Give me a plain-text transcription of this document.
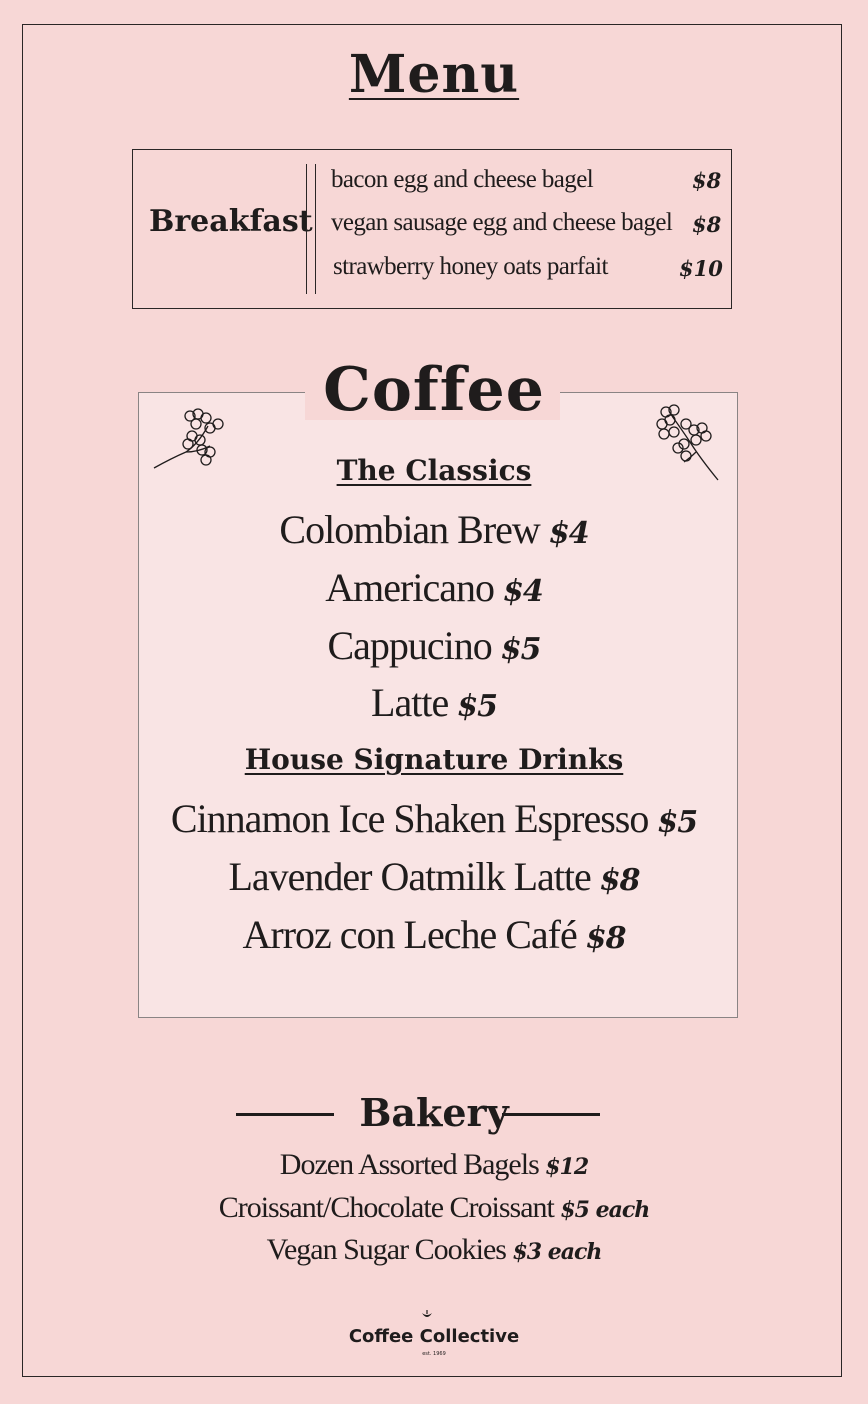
Menu
Breakfast
bacon egg and cheese bagel	$8
vegan sausage egg and cheese bagel $8
strawberry honey oats parfait	$10
Coffee
The Classics
Colombian Brew $4
Americano $4
Cappucino $5
Latte $5
House Signature Drinks
Cinnamon Ice Shaken Espresso $5
Lavender Oatmilk Latte $8
Arroz con Leche Café $8
Bakery
Dozen Assorted Bagels $12
Croissant/Chocolate Croissant $5 each
Vegan Sugar Cookies $3 each
Coffee Collective
est. 1969
